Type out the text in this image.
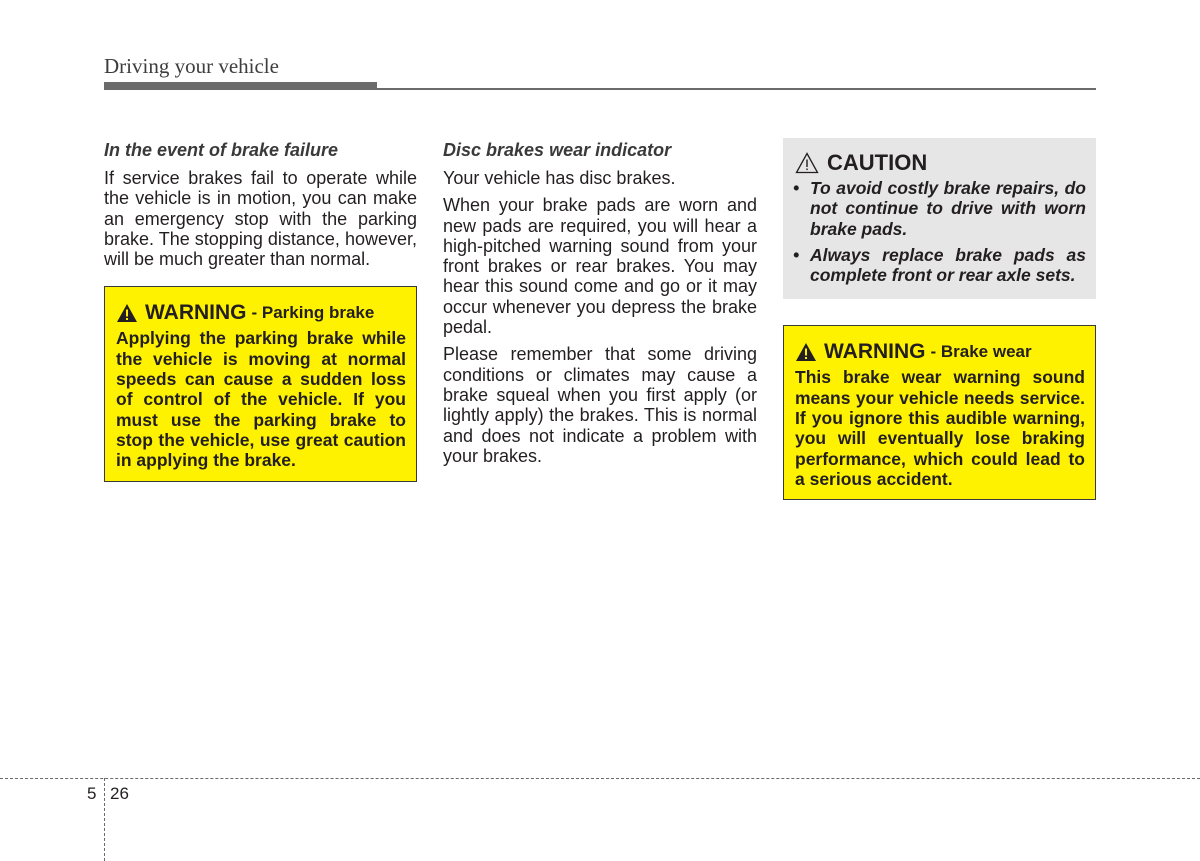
Driving your vehicle
In the event of brake failure

If service brakes fail to operate while the vehicle is in motion, you can make an emergency stop with the parking brake. The stopping distance, however, will be much greater than normal.

WARNING - Parking brake

Applying the parking brake while the vehicle is moving at normal speeds can cause a sudden loss of control of the vehicle. If you must use the parking brake to stop the vehicle, use great caution in applying the brake.

Disc brakes wear indicator

Your vehicle has disc brakes.

When your brake pads are worn and new pads are required, you will hear a high-pitched warning sound from your front brakes or rear brakes. You may hear this sound come and go or it may occur whenever you depress the brake pedal.

Please remember that some driving conditions or climates may cause a brake squeal when you first apply (or lightly apply) the brakes. This is normal and does not indicate a problem with your brakes.

CAUTION
• To avoid costly brake repairs, do not continue to drive with worn brake pads.
• Always replace brake pads as complete front or rear axle sets.
WARNING - Brake wear

This brake wear warning sound means your vehicle needs service. If you ignore this audible warning, you will eventually lose braking performance, which could lead to a serious accident.

5 26
